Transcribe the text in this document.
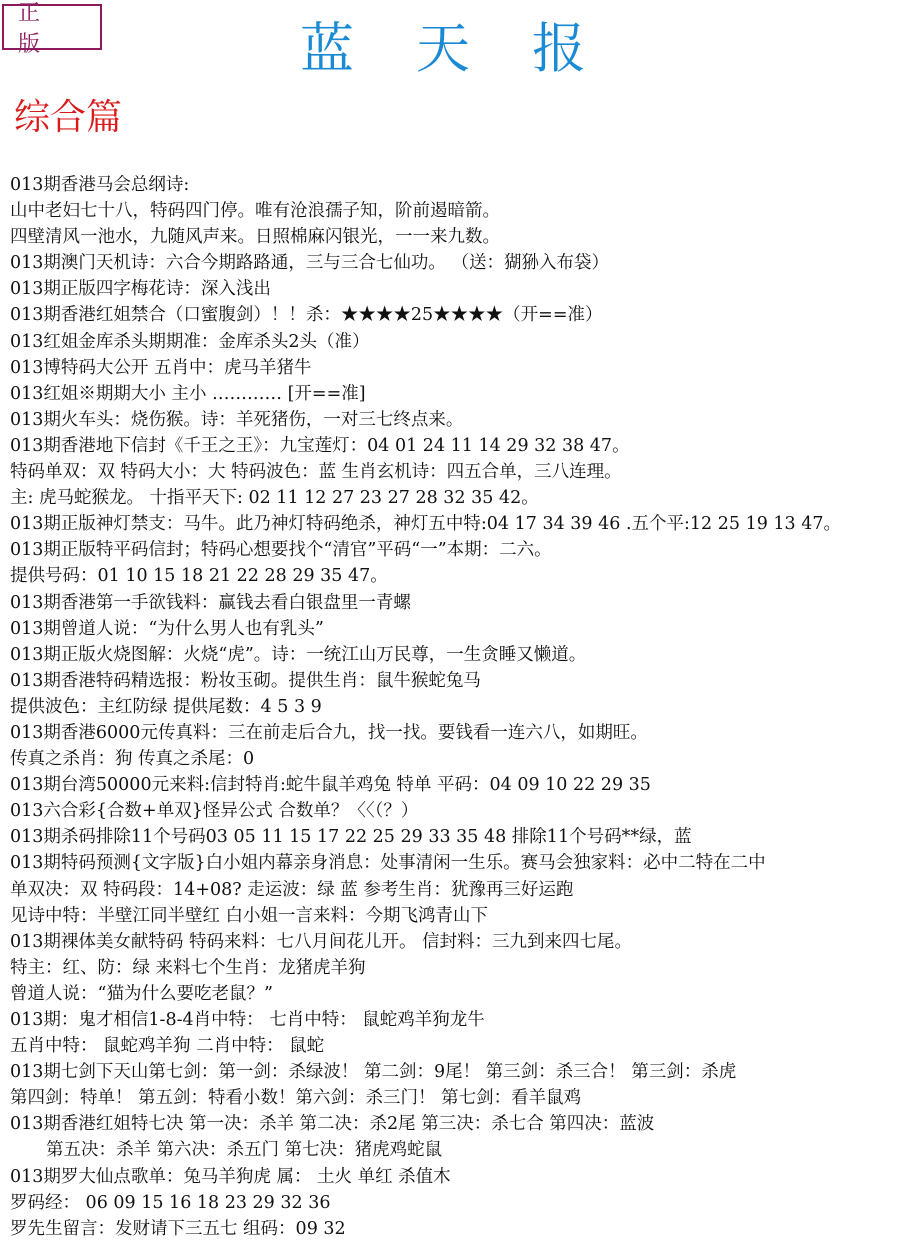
正 版	蓝天报
综合篇
013期香港马会总纲诗:
山中老妇七十八，特码四门停。唯有沧浪孺子知，阶前遏暗箭。
四壁清风一池水，九随风声来。日照棉麻闪银光，一一来九数。
013期澳门天机诗：六合今期路路通，三与三合七仙功。 （送：猢狲入布袋）
013期正版四字梅花诗：深入浅出
013期香港红姐禁合（口蜜腹剑）！！杀：★★★★25★★★★（开==准）
013红姐金库杀头期期准：金库杀头2头（准）
013博特码大公开 五肖中：虎马羊猪牛
013红姐※期期大小 主小 ………… [开==准]
013期火车头：烧伤猴。诗：羊死猪伤，一对三七终点来。
013期香港地下信封《千王之王》：九宝莲灯：04 01 24 11 14 29 32 38 47。
特码单双：双 特码大小：大 特码波色：蓝 生肖玄机诗：四五合单，三八连理。
主: 虎马蛇猴龙。 十指平天下: 02 11 12 27 23 27 28 32 35 42。
013期正版神灯禁支：马牛。此乃神灯特码绝杀，神灯五中特:04 17 34 39 46 .五个平:12 25 19 13 47。
013期正版特平码信封；特码心想要找个“清官”平码“一”本期：二六。
提供号码：01 10 15 18 21 22 28 29 35 47。
013期香港第一手欲钱料：赢钱去看白银盘里一青螺
013期曾道人说：“为什么男人也有乳头”
013期正版火烧图解：火烧“虎”。诗：一统江山万民尊，一生贪睡又懒道。
013期香港特码精选报：粉妆玉砌。提供生肖：鼠牛猴蛇兔马
提供波色：主红防绿 提供尾数：4 5 3 9
013期香港6000元传真料：三在前走后合九，找一找。要钱看一连六八，如期旺。
传真之杀肖：狗 传真之杀尾：0
013期台湾50000元来料:信封特肖:蛇牛鼠羊鸡兔 特单 平码：04 09 10 22 29 35
013六合彩{合数+单双}怪异公式 合数单？〈〈（？）
013期杀码排除11个号码03 05 11 15 17 22 25 29 33 35 48 排除11个号码**绿，蓝
013期特码预测{文字版}白小姐内幕亲身消息：处事清闲一生乐。赛马会独家料：必中二特在二中
单双决：双 特码段：14+08? 走运波：绿 蓝 参考生肖：犹豫再三好运跑
见诗中特：半壁江同半壁红 白小姐一言来料：今期飞鸿青山下
013期裸体美女献特码 特码来料：七八月间花儿开。 信封料：三九到来四七尾。
特主：红、防：绿 来料七个生肖：龙猪虎羊狗
曾道人说：“猫为什么要吃老鼠？”
013期：鬼才相信1-8-4肖中特： 七肖中特： 鼠蛇鸡羊狗龙牛
五肖中特： 鼠蛇鸡羊狗 二肖中特： 鼠蛇
013期七剑下天山第七剑：第一剑：杀绿波！ 第二剑：9尾！ 第三剑：杀三合！ 第三剑：杀虎
第四剑：特单！ 第五剑：特看小数！第六剑：杀三门！ 第七剑：看羊鼠鸡
013期香港红姐特七决 第一决：杀羊 第二决：杀2尾 第三决：杀七合 第四决：蓝波
第五决：杀羊 第六决：杀五门 第七决：猪虎鸡蛇鼠
013期罗大仙点歌单：兔马羊狗虎 属： 土火 单红 杀值木
罗码经： 06 09 15 16 18 23 29 32 36
罗先生留言：发财请下三五七 组码：09 32
